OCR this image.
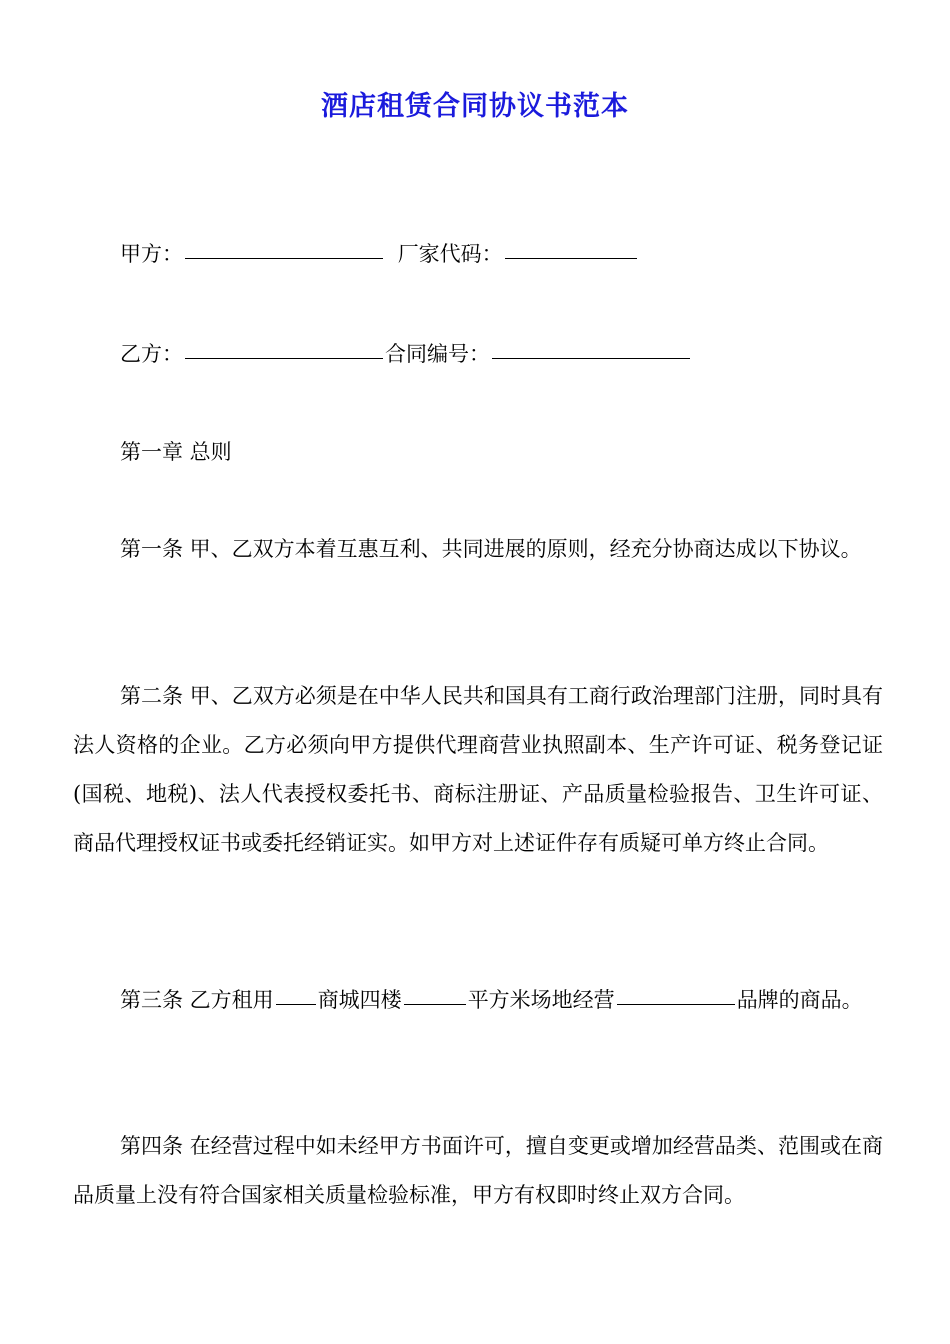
酒店租赁合同协议书范本
甲方：	厂家代码：
乙方：	合同编号：
第一章 总则
第一条 甲、乙双方本着互惠互利、共同进展的原则，经充分协商达成以下协议。
第二条 甲、乙双方必须是在中华人民共和国具有工商行政治理部门注册，同时具有法人资格的企业。乙方必须向甲方提供代理商营业执照副本、生产许可证、税务登记证(国税、地税)、法人代表授权委托书、商标注册证、产品质量检验报告、卫生许可证、商品代理授权证书或委托经销证实。如甲方对上述证件存有质疑可单方终止合同。
第三条 乙方租用 商城四楼	平方米场地经营	品牌的商品。
第四条 在经营过程中如未经甲方书面许可，擅自变更或增加经营品类、范围或在商品质量上没有符合国家相关质量检验标准，甲方有权即时终止双方合同。
